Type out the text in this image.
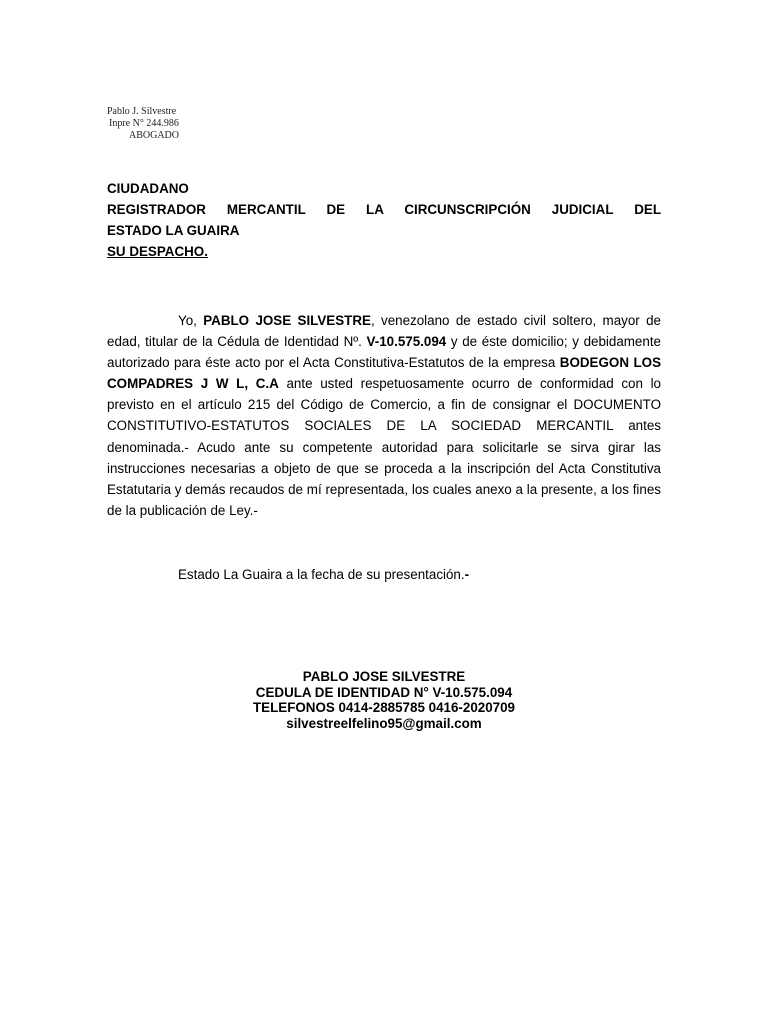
Pablo J. Silvestre
Inpre N° 244.986
ABOGADO
CIUDADANO
REGISTRADOR MERCANTIL DE LA CIRCUNSCRIPCIÓN JUDICIAL DEL
ESTADO LA GUAIRA
SU DESPACHO.

Yo, PABLO JOSE SILVESTRE, venezolano de estado civil soltero, mayor de edad, titular de la Cédula de Identidad Nº. V-10.575.094 y de éste domicilio; y debidamente autorizado para éste acto por el Acta Constitutiva-Estatutos de la empresa BODEGON LOS COMPADRES J W L, C.A ante usted respetuosamente ocurro de conformidad con lo previsto en el artículo 215 del Código de Comercio, a fin de consignar el DOCUMENTO CONSTITUTIVO-ESTATUTOS SOCIALES DE LA SOCIEDAD MERCANTIL antes denominada.- Acudo ante su competente autoridad para solicitarle se sirva girar las instrucciones necesarias a objeto de que se proceda a la inscripción del Acta Constitutiva Estatutaria y demás recaudos de mí representada, los cuales anexo a la presente, a los fines de la publicación de Ley.-

Estado La Guaira a la fecha de su presentación.-
PABLO JOSE SILVESTRE
CEDULA DE IDENTIDAD N° V-10.575.094
TELEFONOS 0414-2885785 0416-2020709
silvestreelfelino95@gmail.com
